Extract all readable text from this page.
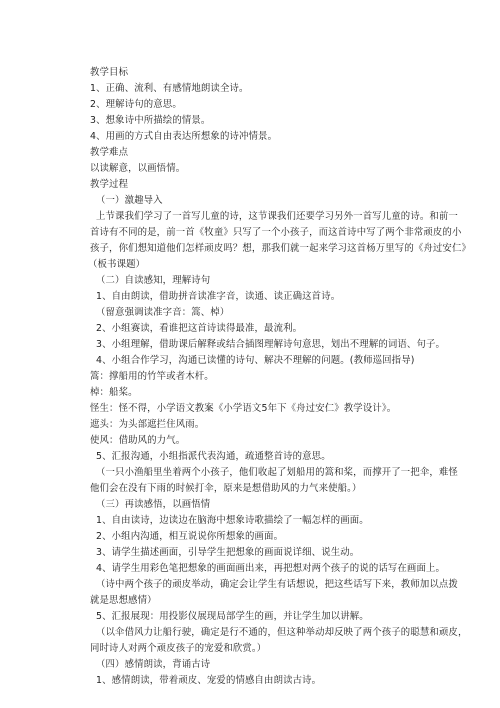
教学目标
1、正确、流利、有感情地朗读全诗。
2、理解诗句的意思。
3、想象诗中所描绘的情景。
4、用画的方式自由表达所想象的诗冲情景。
教学难点
以读解意，以画悟情。
教学过程
（一）激趣导入
上节课我们学习了一首写儿童的诗，这节课我们还要学习另外一首写儿童的诗。和前一
首诗有不同的是，前一首《牧童》只写了一个小孩子，而这首诗中写了两个非常顽皮的小
孩子，你们想知道他们怎样顽皮吗？想，那我们就一起来学习这首杨万里写的《舟过安仁》
（板书课题）
（二）自读感知，理解诗句
1、自由朗读，借助拼音读准字音，读通、读正确这首诗。
（留意强调读准字音：篙、棹）
2、小组赛读，看谁把这首诗读得最准，最流利。
3、小组理解，借助课后解释或结合插图理解诗句意思，划出不理解的词语、句子。
4、小组合作学习，沟通已读懂的诗句、解决不理解的问题。(教师巡回指导)
篙：撑船用的竹竿或者木杆。
棹：船桨。
怪生：怪不得，小学语文教案《小学语文5年下《舟过安仁》教学设计》。
遮头：为头部遮拦住风雨。
使风：借助风的力气。
5、汇报沟通，小组指派代表沟通，疏通整首诗的意思。
（一只小渔船里坐着两个小孩子，他们收起了划船用的篙和桨，而撑开了一把伞，难怪
他们会在没有下雨的时候打伞，原来是想借助风的力气来使船。）
（三）再读感悟，以画悟情
1、自由读诗，边读边在脑海中想象诗歌描绘了一幅怎样的画面。
2、小组内沟通，相互说说你所想象的画面。
3、请学生描述画面，引导学生把想象的画面说详细、说生动。
4、请学生用彩色笔把想象的画面画出来，再把想对两个孩子的说的话写在画面上。
（诗中两个孩子的顽皮举动，确定会让学生有话想说，把这些话写下来，教师加以点拨
就是思想感情）
5、汇报展现：用投影仪展现局部学生的画，并让学生加以讲解。
（以伞借风力让船行驶，确定是行不通的，但这种举动却反映了两个孩子的聪慧和顽皮，
同时诗人对两个顽皮孩子的宠爱和欣赏。）
（四）感情朗读，背诵古诗
1、感情朗读，带着顽皮、宠爱的情感自由朗读古诗。
